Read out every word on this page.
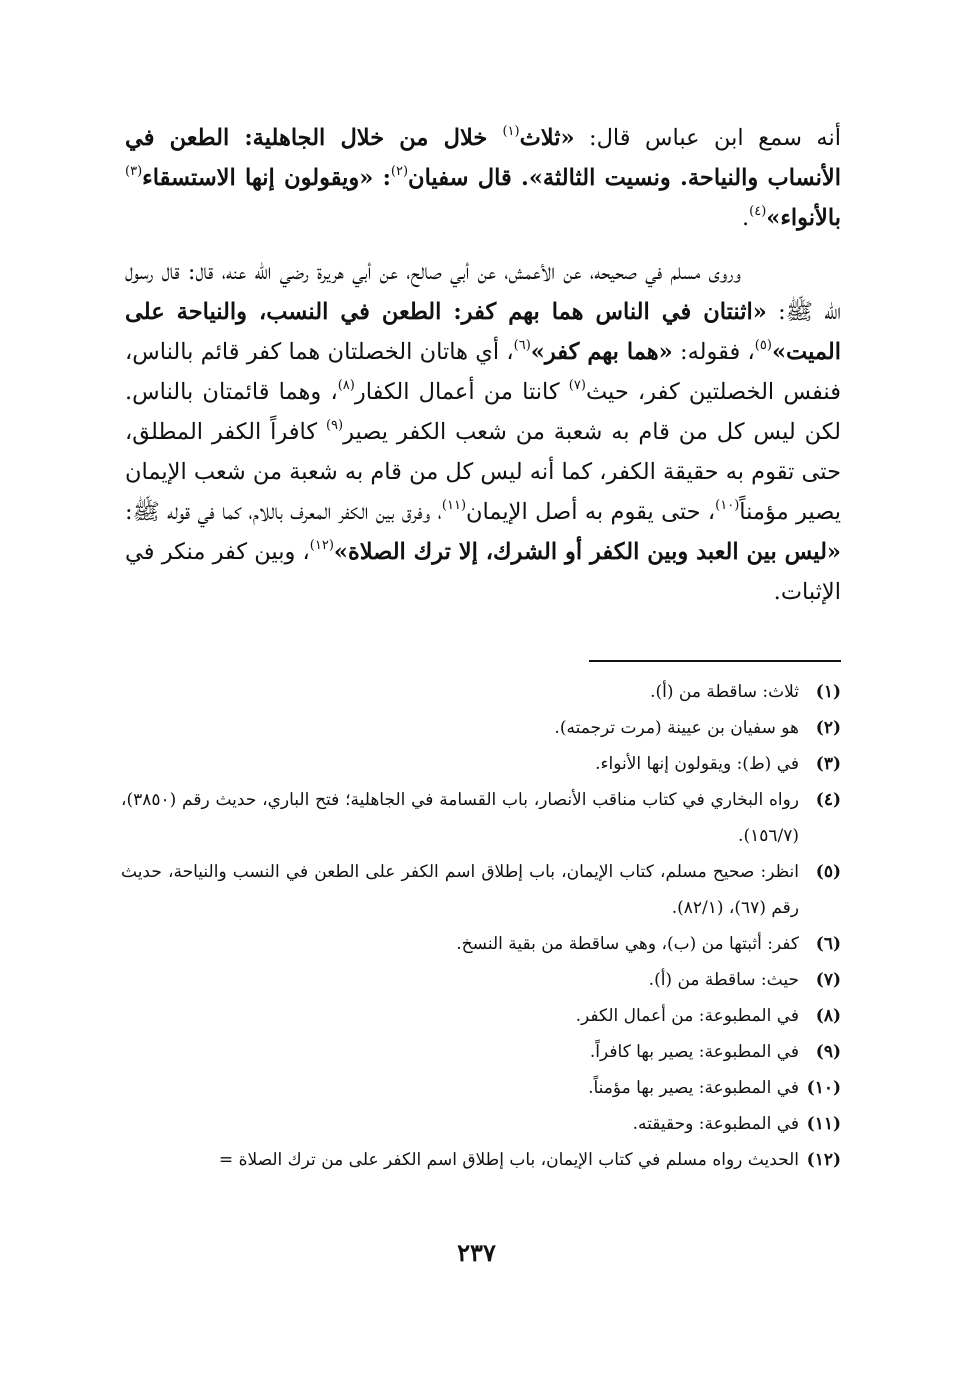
أنه سمع ابن عباس قال: «ثلاث$^{(١)}$ خلال من خلال الجاهلية: الطعن في الأنساب والنياحة. ونسيت الثالثة». قال سفيان$^{(٢)}$: «ويقولون إنها الاستسقاء$^{(٣)}$ بالأنواء»$^{(٤)}$.

وروى مسلم في صحيحه، عن الأعمش، عن أبي صالح، عن أبي هريرة رضي الله عنه، قال: قال رسول الله ﷺ: «اثنتان في الناس هما بهم كفر: الطعن في النسب، والنياحة على الميت»$^{(٥)}$، فقوله: «هما بهم كفر»$^{(٦)}$، أي هاتان الخصلتان هما كفر قائم بالناس، فنفس الخصلتين كفر، حيث$^{(٧)}$ كانتا من أعمال الكفار$^{(٨)}$، وهما قائمتان بالناس. لكن ليس كل من قام به شعبة من شعب الكفر يصير$^{(٩)}$ كافراً الكفر المطلق، حتى تقوم به حقيقة الكفر، كما أنه ليس كل من قام به شعبة من شعب الإيمان يصير مؤمناً$^{(١٠)}$، حتى يقوم به أصل الإيمان$^{(١١)}$، وفرق بين الكفر المعرف باللام، كما في قوله ﷺ: «ليس بين العبد وبين الكفر أو الشرك، إلا ترك الصلاة»$^{(١٢)}$، وبين كفر منكر في الإثبات.

(١)
ثلاث: ساقطة من (أ).
(٢)
هو سفيان بن عيينة (مرت ترجمته).
(٣)
في (ط): ويقولون إنها الأنواء.
(٤)
رواه البخاري في كتاب مناقب الأنصار، باب القسامة في الجاهلية؛ فتح الباري، حديث رقم (٣٨٥٠)، (١٥٦/٧).
(٥)
انظر: صحيح مسلم، كتاب الإيمان، باب إطلاق اسم الكفر على الطعن في النسب والنياحة، حديث رقم (٦٧)، (٨٢/١).
(٦)
كفر: أثبتها من (ب)، وهي ساقطة من بقية النسخ.
(٧)
حيث: ساقطة من (أ).
(٨)
في المطبوعة: من أعمال الكفر.
(٩)
في المطبوعة: يصير بها كافراً.
(١٠)
في المطبوعة: يصير بها مؤمناً.
(١١)
في المطبوعة: وحقيقته.
(١٢)
الحديث رواه مسلم في كتاب الإيمان، باب إطلاق اسم الكفر على من ترك الصلاة =
٢٣٧
